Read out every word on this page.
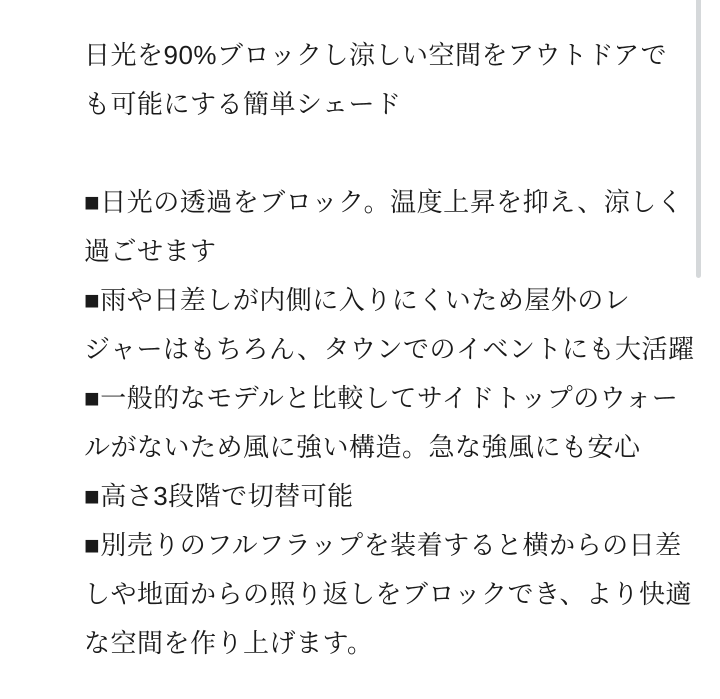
日光を90%ブロックし涼しい空間をアウトドアで
も可能にする簡単シェード
■日光の透過をブロック。温度上昇を抑え、涼しく
過ごせます
■雨や日差しが内側に入りにくいため屋外のレ
ジャーはもちろん、タウンでのイベントにも大活躍
■一般的なモデルと比較してサイドトップのウォー
ルがないため風に強い構造。急な強風にも安心
■高さ3段階で切替可能
■別売りのフルフラップを装着すると横からの日差
しや地面からの照り返しをブロックでき、より快適
な空間を作り上げます。
